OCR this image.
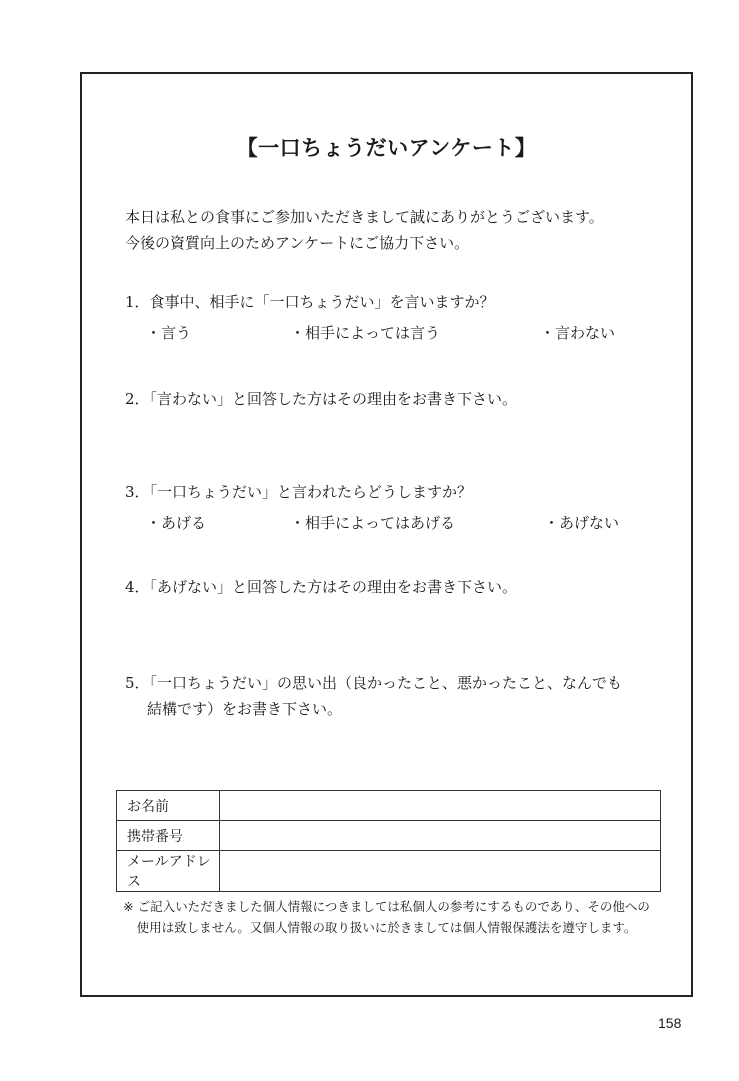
【一口ちょうだいアンケート】
本日は私との食事にご参加いただきまして誠にありがとうございます。
今後の資質向上のためアンケートにご協力下さい。
1．食事中、相手に「一口ちょうだい」を言いますか？
・言う	・相手によっては言う	・言わない
2．「言わない」と回答した方はその理由をお書き下さい。
3．「一口ちょうだい」と言われたらどうしますか？
・あげる	・相手によってはあげる	・あげない
4．「あげない」と回答した方はその理由をお書き下さい。
5．「一口ちょうだい」の思い出（良かったこと、悪かったこと、なんでも
結構です）をお書き下さい。
お名前	
携帯番号	
メールアドレス	
※ ご記入いただきました個人情報につきましては私個人の参考にするものであり、その他への
使用は致しません。又個人情報の取り扱いに於きましては個人情報保護法を遵守します。
158
